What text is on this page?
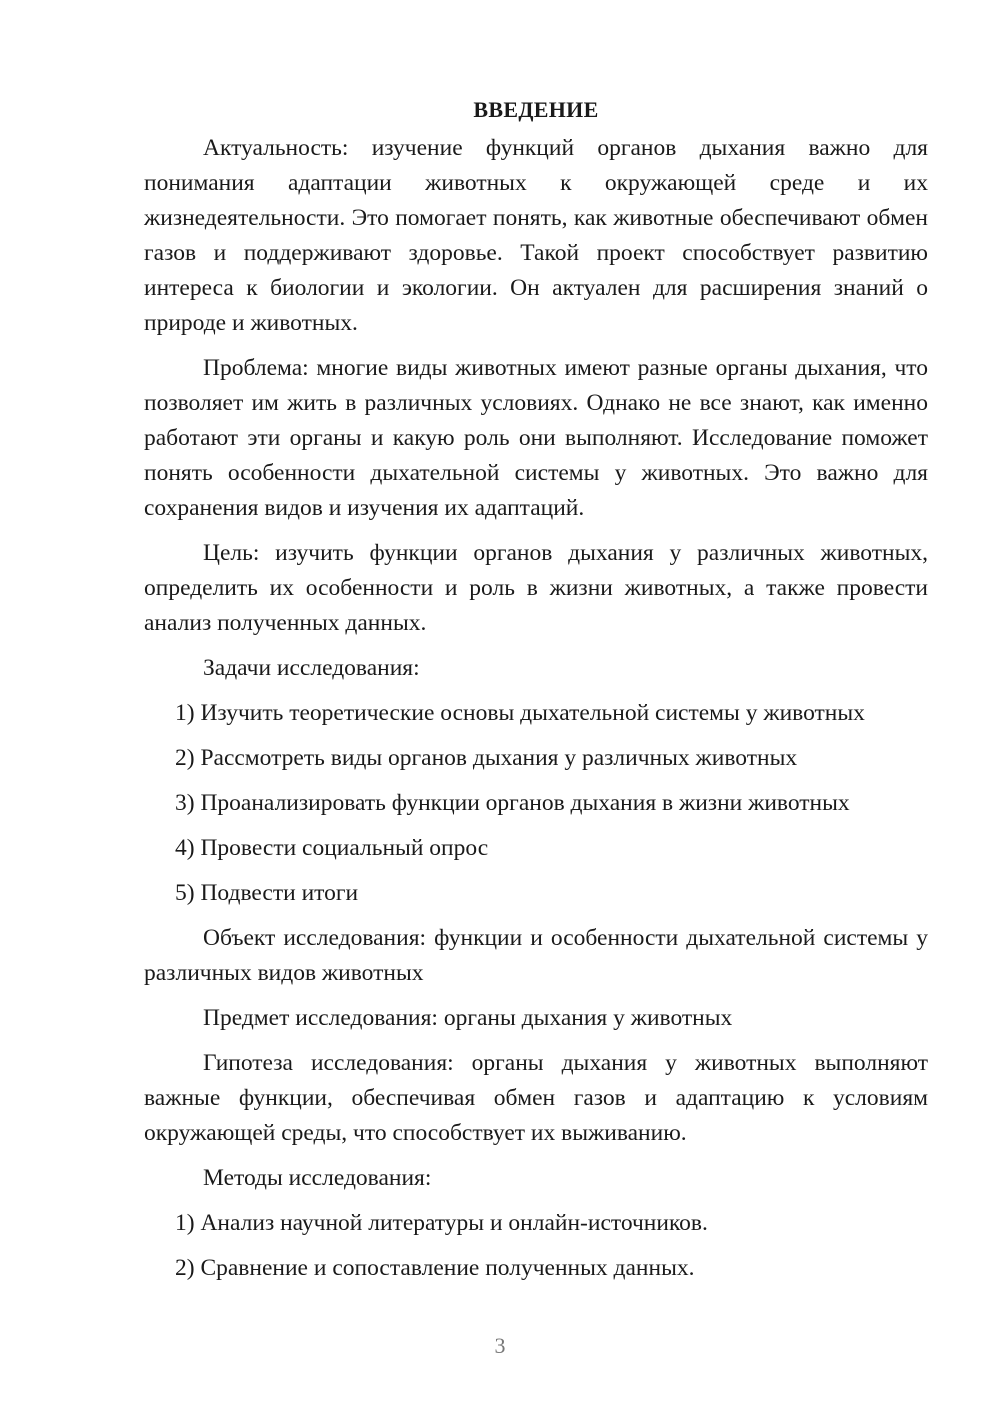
ВВЕДЕНИЕ

Актуальность: изучение функций органов дыхания важно для понимания адаптации животных к окружающей среде и их жизнедеятельности. Это помогает понять, как животные обеспечивают обмен газов и поддерживают здоровье. Такой проект способствует развитию интереса к биологии и экологии. Он актуален для расширения знаний о природе и животных.

Проблема: многие виды животных имеют разные органы дыхания, что позволяет им жить в различных условиях. Однако не все знают, как именно работают эти органы и какую роль они выполняют. Исследование поможет понять особенности дыхательной системы у животных. Это важно для сохранения видов и изучения их адаптаций.

Цель: изучить функции органов дыхания у различных животных, определить их особенности и роль в жизни животных, а также провести анализ полученных данных.

Задачи исследования:

1) Изучить теоретические основы дыхательной системы у животных
2) Рассмотреть виды органов дыхания у различных животных
3) Проанализировать функции органов дыхания в жизни животных
4) Провести социальный опрос
5) Подвести итоги

Объект исследования: функции и особенности дыхательной системы у различных видов животных

Предмет исследования: органы дыхания у животных

Гипотеза исследования: органы дыхания у животных выполняют важные функции, обеспечивая обмен газов и адаптацию к условиям окружающей среды, что способствует их выживанию.

Методы исследования:

1) Анализ научной литературы и онлайн-источников.
2) Сравнение и сопоставление полученных данных.
3
